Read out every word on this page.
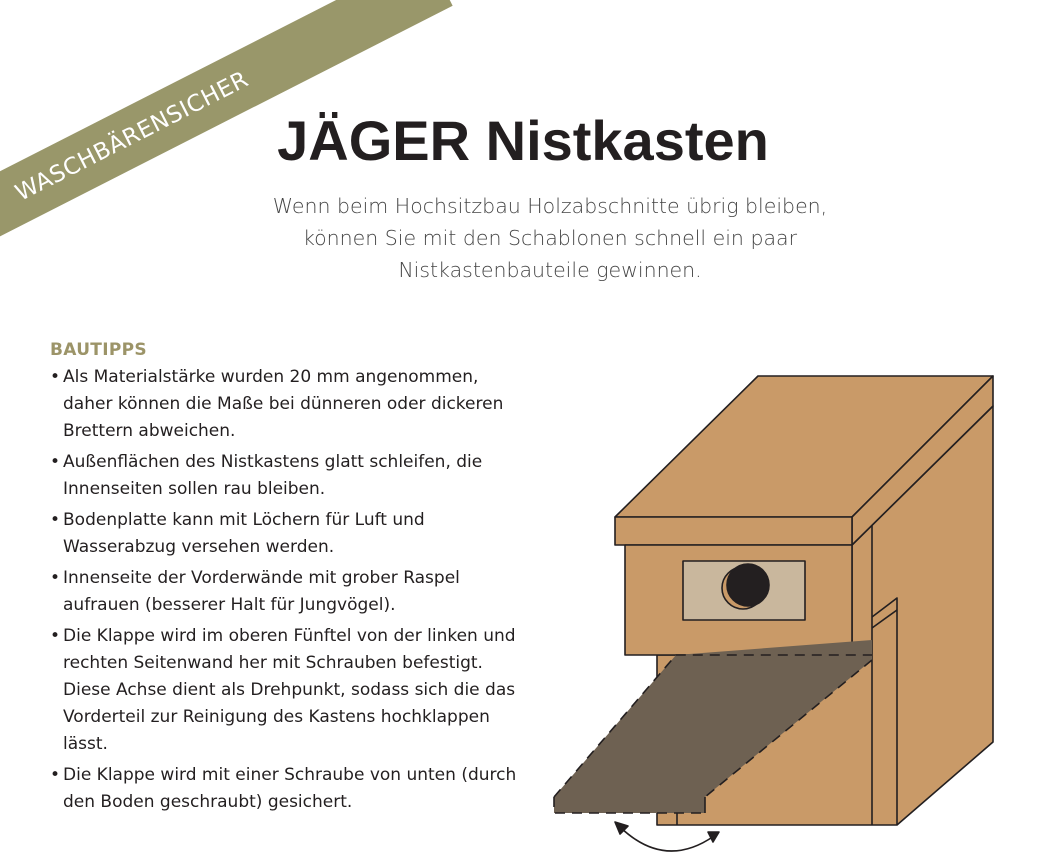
WASCHBÄRENSICHER JÄGER Nistkasten
Wenn beim Hochsitzbau Holzabschnitte übrig bleiben,
können Sie mit den Schablonen schnell ein paar
Nistkastenbauteile gewinnen.
BAUTIPPS
• Als Materialstärke wurden 20 mm angenommen, daher können die Maße bei dünneren oder dickeren Brettern abweichen.
• Außenflächen des Nistkastens glatt schleifen, die Innenseiten sollen rau bleiben.
• Bodenplatte kann mit Löchern für Luft und Wasserabzug versehen werden.
• Innenseite der Vorderwände mit grober Raspel aufrauen (besserer Halt für Jungvögel).
• Die Klappe wird im oberen Fünftel von der linken und rechten Seitenwand her mit Schrauben befestigt. Diese Achse dient als Drehpunkt, sodass sich die das Vorderteil zur Reinigung des Kastens hochklappen lässt.
• Die Klappe wird mit einer Schraube von unten (durch den Boden geschraubt) gesichert.
